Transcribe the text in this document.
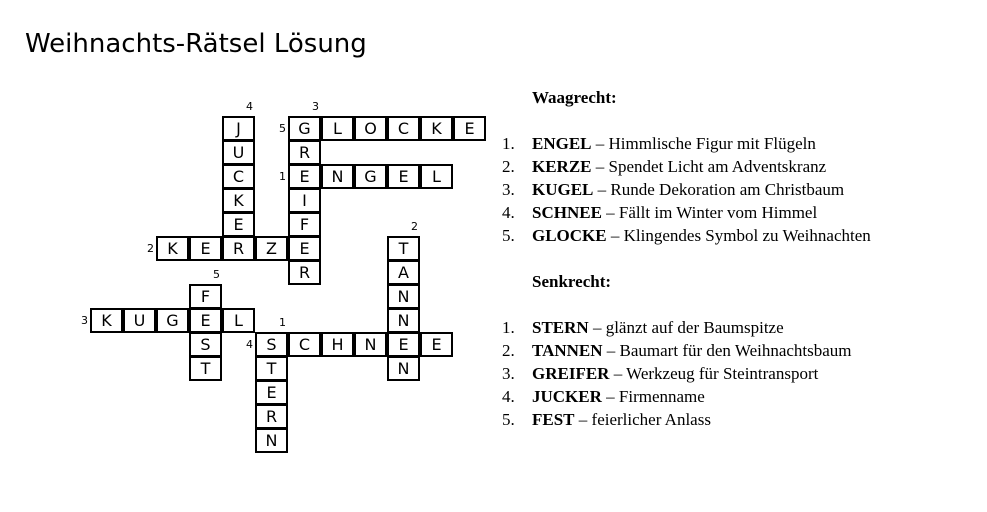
Weihnachts-Rätsel Lösung
G	L	O	C	K	E
5
E	N	G	E	L
1
K	E	R	Z	E
2
K	U	G	E	L
3
S	C	H	N	E	E
4
J
U
C
K
E
4
R
I
F
R
3
T
A
N
N
N
2
F
S
T
5
T
E
R
N
1

Waagrecht:

1.	ENGEL – Himmlische Figur mit Flügeln
2.	KERZE – Spendet Licht am Adventskranz
3.	KUGEL – Runde Dekoration am Christbaum
4.	SCHNEE – Fällt im Winter vom Himmel
5.	GLOCKE – Klingendes Symbol zu Weihnachten

Senkrecht:

1.	STERN – glänzt auf der Baumspitze
2.	TANNEN – Baumart für den Weihnachtsbaum
3.	GREIFER – Werkzeug für Steintransport
4.	JUCKER – Firmenname
5.	FEST – feierlicher Anlass
